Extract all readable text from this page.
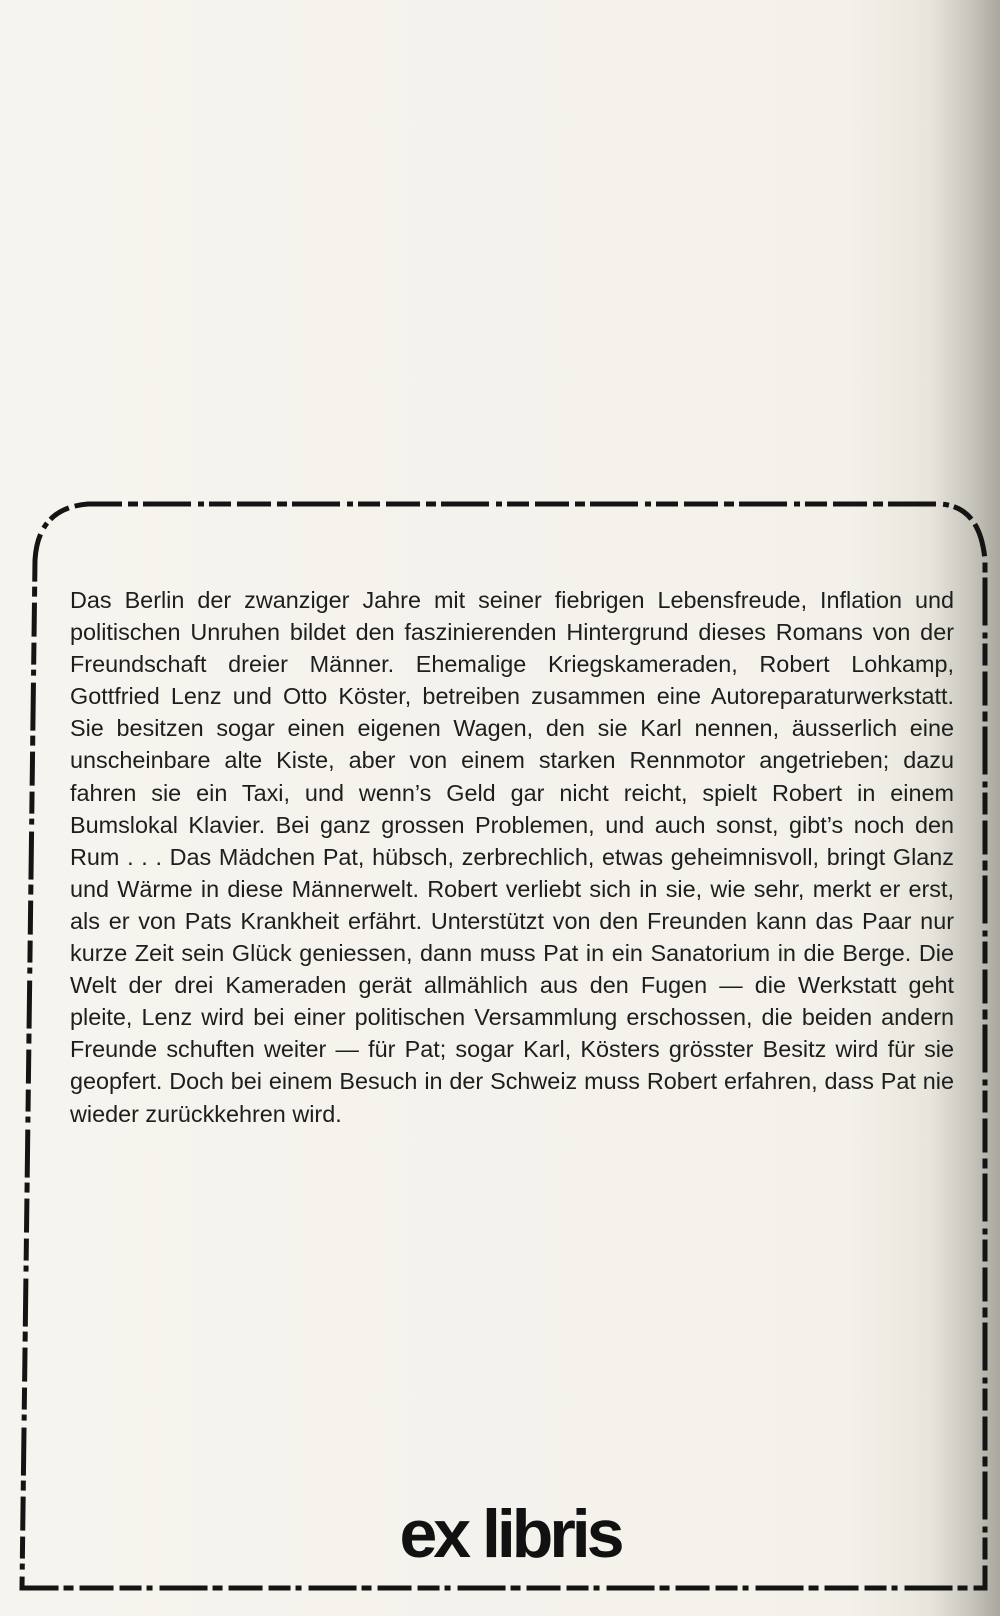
Das Berlin der zwanziger Jahre mit seiner fiebrigen Lebensfreude, Inflation und politischen Unruhen bildet den faszinierenden Hintergrund dieses Romans von der Freundschaft dreier Männer. Ehemalige Kriegskameraden, Robert Lohkamp, Gottfried Lenz und Otto Köster, betreiben zusammen eine Autoreparaturwerkstatt. Sie besitzen sogar einen eigenen Wagen, den sie Karl nennen, äusserlich eine unscheinbare alte Kiste, aber von einem starken Rennmotor angetrieben; dazu fahren sie ein Taxi, und wenn’s Geld gar nicht reicht, spielt Robert in einem Bumslokal Klavier. Bei ganz grossen Problemen, und auch sonst, gibt’s noch den Rum . . . Das Mädchen Pat, hübsch, zerbrechlich, etwas geheimnisvoll, bringt Glanz und Wärme in diese Männerwelt. Robert verliebt sich in sie, wie sehr, merkt er erst, als er von Pats Krankheit erfährt. Unterstützt von den Freunden kann das Paar nur kurze Zeit sein Glück geniessen, dann muss Pat in ein Sanatorium in die Berge. Die Welt der drei Kameraden gerät allmählich aus den Fugen — die Werkstatt geht pleite, Lenz wird bei einer politischen Versammlung erschossen, die beiden andern Freunde schuften weiter — für Pat; sogar Karl, Kösters grösster Besitz wird für sie geopfert. Doch bei einem Besuch in der Schweiz muss Robert erfahren, dass Pat nie wieder zurückkehren wird.

ex libris
